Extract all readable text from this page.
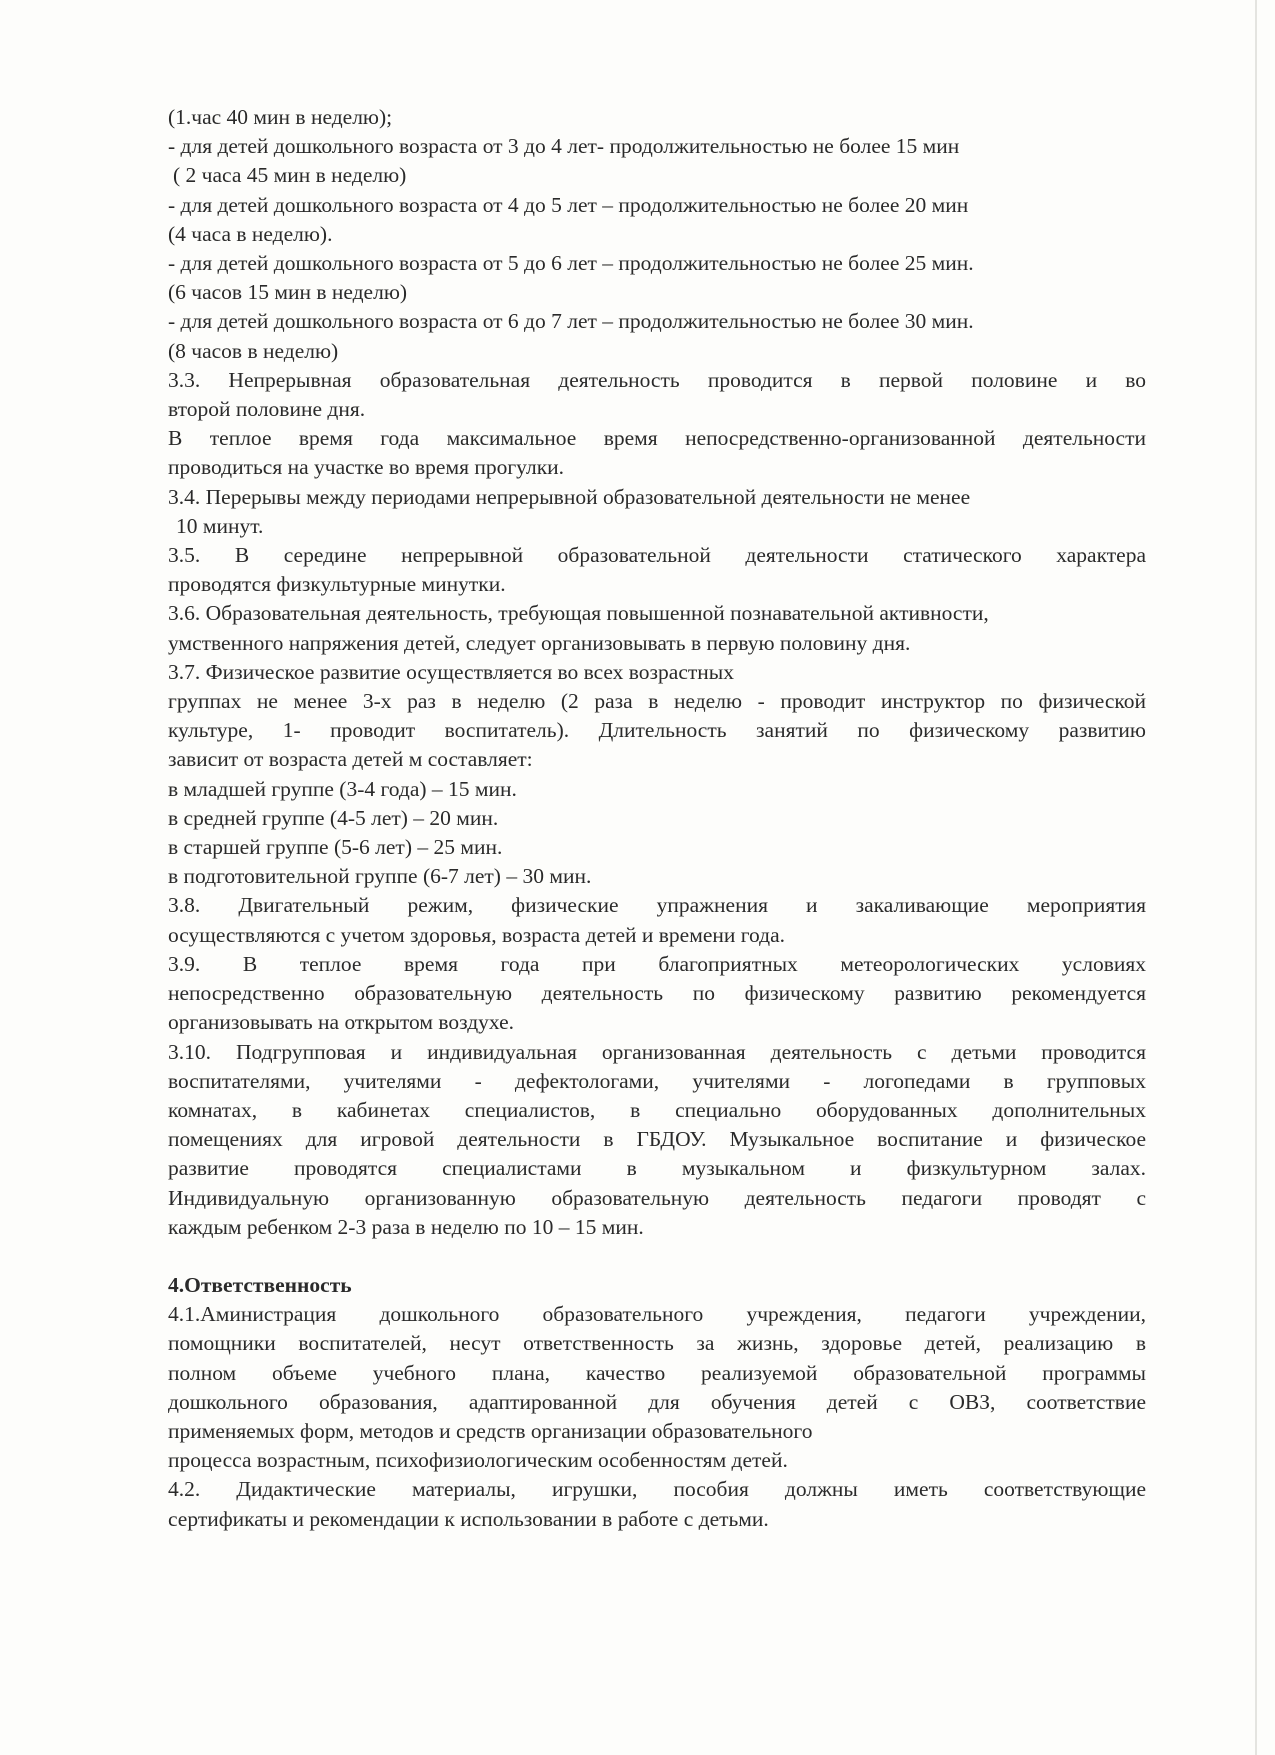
(1.час 40 мин в неделю);
- для детей дошкольного возраста от 3 до 4 лет- продолжительностью не более 15 мин
( 2 часа 45 мин в неделю)
- для детей дошкольного возраста от 4 до 5 лет – продолжительностью не более 20 мин
(4 часа в неделю).
- для детей дошкольного возраста от 5 до 6 лет – продолжительностью не более 25 мин.
(6 часов 15 мин в неделю)
- для детей дошкольного возраста от 6 до 7 лет – продолжительностью не более 30 мин.
(8 часов в неделю)
3.3. Непрерывная образовательная деятельность проводится в первой половине и во
второй половине дня.
В теплое время года максимальное время непосредственно-организованной деятельности
проводиться на участке во время прогулки.
3.4. Перерывы между периодами непрерывной образовательной деятельности не менее
10 минут.
3.5. В середине непрерывной образовательной деятельности статического характера
проводятся физкультурные минутки.
3.6. Образовательная деятельность, требующая повышенной познавательной активности,
умственного напряжения детей, следует организовывать в первую половину дня.
3.7. Физическое развитие осуществляется во всех возрастных
группах не менее 3-х раз в неделю (2 раза в неделю - проводит инструктор по физической
культуре, 1- проводит воспитатель). Длительность занятий по физическому развитию
зависит от возраста детей м составляет:
в младшей группе (3-4 года) – 15 мин.
в средней группе (4-5 лет) – 20 мин.
в старшей группе (5-6 лет) – 25 мин.
в подготовительной группе (6-7 лет) – 30 мин.
3.8. Двигательный режим, физические упражнения и закаливающие мероприятия
осуществляются с учетом здоровья, возраста детей и времени года.
3.9. В теплое время года при благоприятных метеорологических условиях
непосредственно образовательную деятельность по физическому развитию рекомендуется
организовывать на открытом воздухе.
3.10. Подгрупповая и индивидуальная организованная деятельность с детьми проводится
воспитателями, учителями - дефектологами, учителями - логопедами в групповых
комнатах, в кабинетах специалистов, в специально оборудованных дополнительных
помещениях для игровой деятельности в ГБДОУ. Музыкальное воспитание и физическое
развитие проводятся специалистами в музыкальном и физкультурном залах.
Индивидуальную организованную образовательную деятельность педагоги проводят с
каждым ребенком 2-3 раза в неделю по 10 – 15 мин.
4.Ответственность
4.1.Аминистрация дошкольного образовательного учреждения, педагоги учреждении,
помощники воспитателей, несут ответственность за жизнь, здоровье детей, реализацию в
полном объеме учебного плана, качество реализуемой образовательной программы
дошкольного образования, адаптированной для обучения детей с ОВЗ, соответствие
применяемых форм, методов и средств организации образовательного
процесса возрастным, психофизиологическим особенностям детей.
4.2. Дидактические материалы, игрушки, пособия должны иметь соответствующие
сертификаты и рекомендации к использовании в работе с детьми.
